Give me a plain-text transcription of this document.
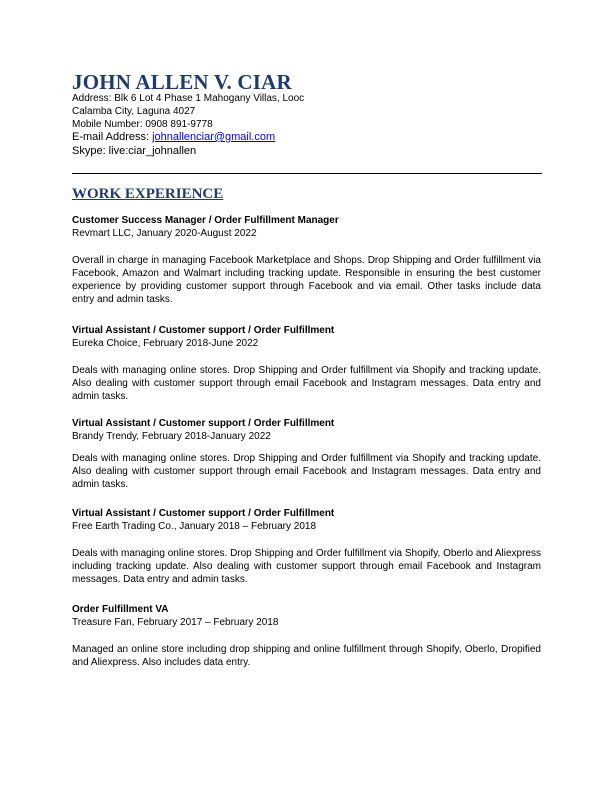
JOHN ALLEN V. CIAR
Address: Blk 6 Lot 4 Phase 1 Mahogany Villas, Looc
Calamba City, Laguna 4027
Mobile Number: 0908 891-9778
E-mail Address: johnallenciar@gmail.com
Skype: live:ciar_johnallen
WORK EXPERIENCE
Customer Success Manager / Order Fulfillment Manager
Revmart LLC, January 2020-August 2022
Overall in charge in managing Facebook Marketplace and Shops. Drop Shipping and Order fulfillment via Facebook, Amazon and Walmart including tracking update. Responsible in ensuring the best customer experience by providing customer support through Facebook and via email. Other tasks include data entry and admin tasks.
Virtual Assistant / Customer support / Order Fulfillment
Eureka Choice, February 2018-June 2022
Deals with managing online stores. Drop Shipping and Order fulfillment via Shopify and tracking update. Also dealing with customer support through email Facebook and Instagram messages. Data entry and admin tasks.
Virtual Assistant / Customer support / Order Fulfillment
Brandy Trendy, February 2018-January 2022
Deals with managing online stores. Drop Shipping and Order fulfillment via Shopify and tracking update. Also dealing with customer support through email Facebook and Instagram messages. Data entry and admin tasks.
Virtual Assistant / Customer support / Order Fulfillment
Free Earth Trading Co., January 2018 – February 2018
Deals with managing online stores. Drop Shipping and Order fulfillment via Shopify, Oberlo and Aliexpress including tracking update. Also dealing with customer support through email Facebook and Instagram messages. Data entry and admin tasks.
Order Fulfillment VA
Treasure Fan, February 2017 – February 2018
Managed an online store including drop shipping and online fulfillment through Shopify, Oberlo, Dropified and Aliexpress. Also includes data entry.
